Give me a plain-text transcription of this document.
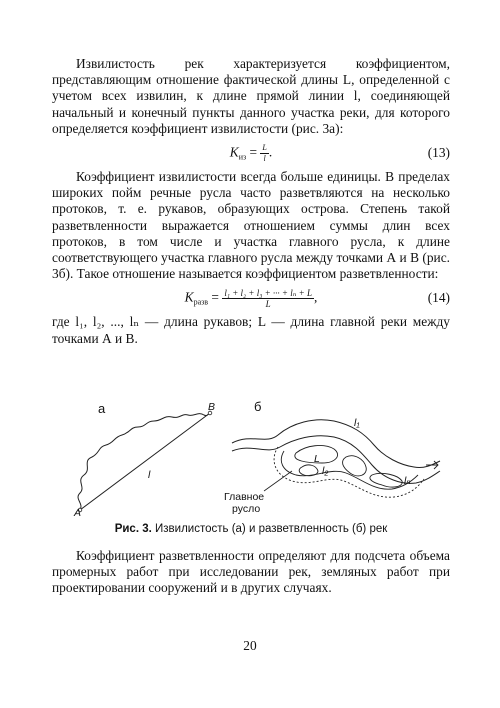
Извилистость рек характеризуется коэффициентом, представляющим отношение фактической длины L, определенной с учетом всех извилин, к длине прямой линии l, соединяющей начальный и конечный пункты данного участка реки, для которого определяется коэффициент извилистости (рис. 3а):

$K_{из} = \frac{L}{l}$ .	(13)

Коэффициент извилистости всегда больше единицы. В пределах широких пойм речные русла часто разветвляются на несколько протоков, т. е. рукавов, образующих острова. Степень такой разветвленности выражается отношением суммы длин всех протоков, в том числе и участка главного русла, к длине соответствующего участка главного русла между точками А и В (рис. 3б). Такое отношение называется коэффициентом разветвленности:

$K_{разв} = \frac{\text{l₁ + l₂ + l₃ + ··· + lₙ + L}}{L}$ ,	(14)

где l₁, l₂, ..., lₙ — длина рукавов; L — длина главной реки между точками А и В.

а	б
A
B
l
l₁
l₂
lₙ
L
Главное
русло
Рис. 3. Извилистость (а) и разветвленность (б) рек

Коэффициент разветвленности определяют для подсчета объема промерных работ при исследовании рек, земляных работ при проектировании сооружений и в других случаях.

20
